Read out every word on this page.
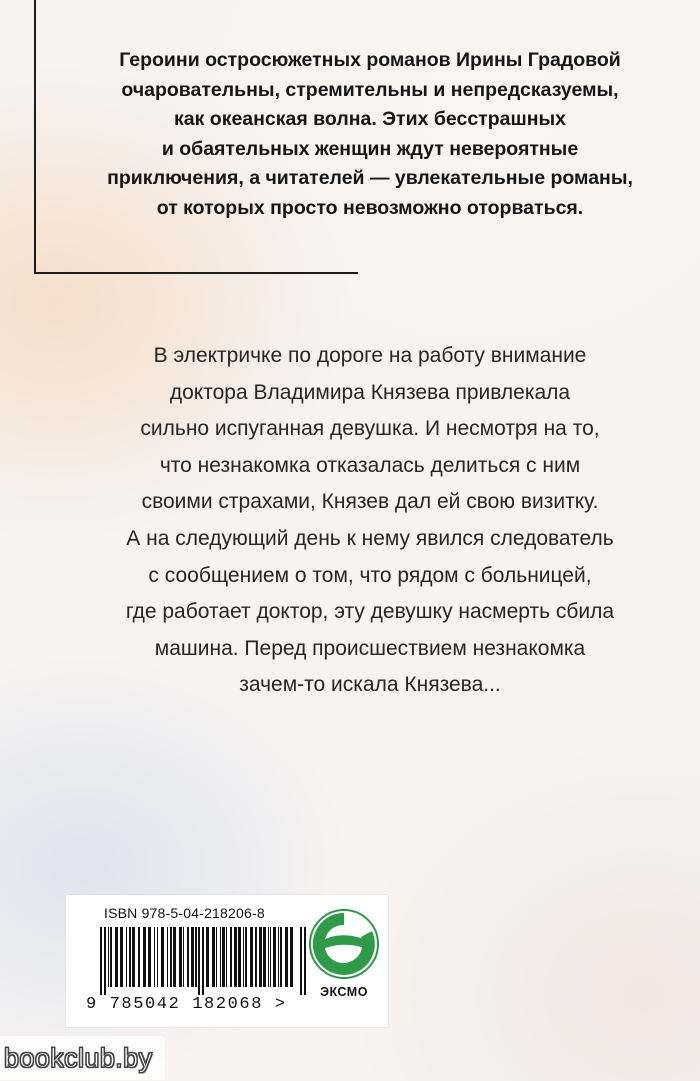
Героини остросюжетных романов Ирины Градовой
очаровательны, стремительны и непредсказуемы,
как океанская волна. Этих бесстрашных
и обаятельных женщин ждут невероятные
приключения, а читателей — увлекательные романы,
от которых просто невозможно оторваться.
В электричке по дороге на работу внимание
доктора Владимира Князева привлекала
сильно испуганная девушка. И несмотря на то,
что незнакомка отказалась делиться с ним
своими страхами, Князев дал ей свою визитку.
А на следующий день к нему явился следователь
с сообщением о том, что рядом с больницей,
где работает доктор, эту девушку насмерть сбила
машина. Перед происшествием незнакомка
зачем-то искала Князева...
ISBN 978-5-04-218206-8
9 785042 182068 >
ЭКСМО
bookclub.by
